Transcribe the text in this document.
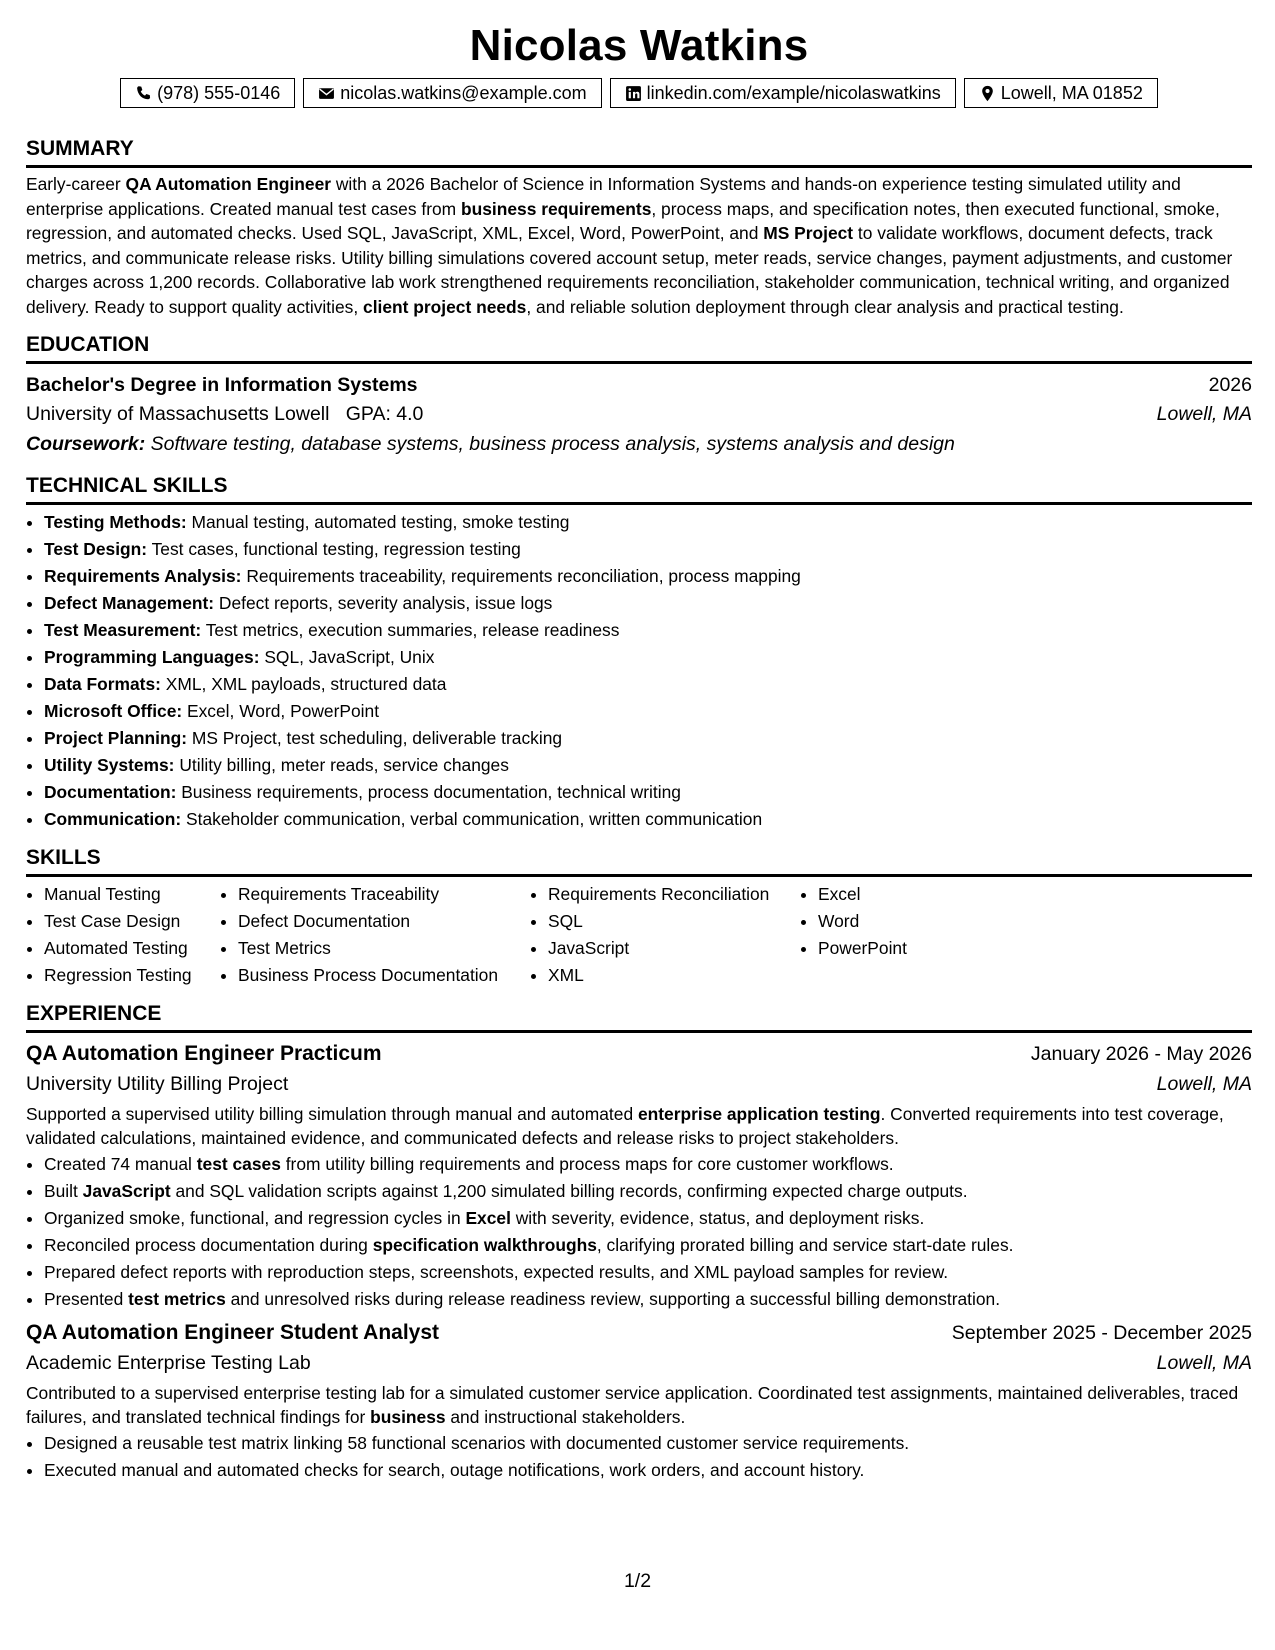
Nicolas Watkins
(978) 555-0146	nicolas.watkins@example.com	linkedin.com/example/nicolaswatkins	Lowell, MA 01852
SUMMARY

Early-career QA Automation Engineer with a 2026 Bachelor of Science in Information Systems and hands-on experience testing simulated utility and enterprise applications. Created manual test cases from business requirements, process maps, and specification notes, then executed functional, smoke, regression, and automated checks. Used SQL, JavaScript, XML, Excel, Word, PowerPoint, and MS Project to validate workflows, document defects, track metrics, and communicate release risks. Utility billing simulations covered account setup, meter reads, service changes, payment adjustments, and customer charges across 1,200 records. Collaborative lab work strengthened requirements reconciliation, stakeholder communication, technical writing, and organized delivery. Ready to support quality activities, client project needs, and reliable solution deployment through clear analysis and practical testing.

EDUCATION
Bachelor's Degree in Information Systems	2026
University of Massachusetts Lowell GPA: 4.0	Lowell, MA
Coursework: Software testing, database systems, business process analysis, systems analysis and design
TECHNICAL SKILLS
• Testing Methods: Manual testing, automated testing, smoke testing
• Test Design: Test cases, functional testing, regression testing
• Requirements Analysis: Requirements traceability, requirements reconciliation, process mapping
• Defect Management: Defect reports, severity analysis, issue logs
• Test Measurement: Test metrics, execution summaries, release readiness
• Programming Languages: SQL, JavaScript, Unix
• Data Formats: XML, XML payloads, structured data
• Microsoft Office: Excel, Word, PowerPoint
• Project Planning: MS Project, test scheduling, deliverable tracking
• Utility Systems: Utility billing, meter reads, service changes
• Documentation: Business requirements, process documentation, technical writing
• Communication: Stakeholder communication, verbal communication, written communication
SKILLS
• Manual Testing
• Test Case Design
• Automated Testing
• Regression Testing
• Requirements Traceability
• Defect Documentation
• Test Metrics
• Business Process Documentation
• Requirements Reconciliation
• SQL
• JavaScript
• XML
• Excel
• Word
• PowerPoint
EXPERIENCE
QA Automation Engineer Practicum	January 2026 - May 2026
University Utility Billing Project	Lowell, MA

Supported a supervised utility billing simulation through manual and automated enterprise application testing. Converted requirements into test coverage, validated calculations, maintained evidence, and communicated defects and release risks to project stakeholders.

• Created 74 manual test cases from utility billing requirements and process maps for core customer workflows.
• Built JavaScript and SQL validation scripts against 1,200 simulated billing records, confirming expected charge outputs.
• Organized smoke, functional, and regression cycles in Excel with severity, evidence, status, and deployment risks.
• Reconciled process documentation during specification walkthroughs, clarifying prorated billing and service start-date rules.
• Prepared defect reports with reproduction steps, screenshots, expected results, and XML payload samples for review.
• Presented test metrics and unresolved risks during release readiness review, supporting a successful billing demonstration.
QA Automation Engineer Student Analyst	September 2025 - December 2025
Academic Enterprise Testing Lab	Lowell, MA

Contributed to a supervised enterprise testing lab for a simulated customer service application. Coordinated test assignments, maintained deliverables, traced failures, and translated technical findings for business and instructional stakeholders.

• Designed a reusable test matrix linking 58 functional scenarios with documented customer service requirements.
• Executed manual and automated checks for search, outage notifications, work orders, and account history.
1/2
